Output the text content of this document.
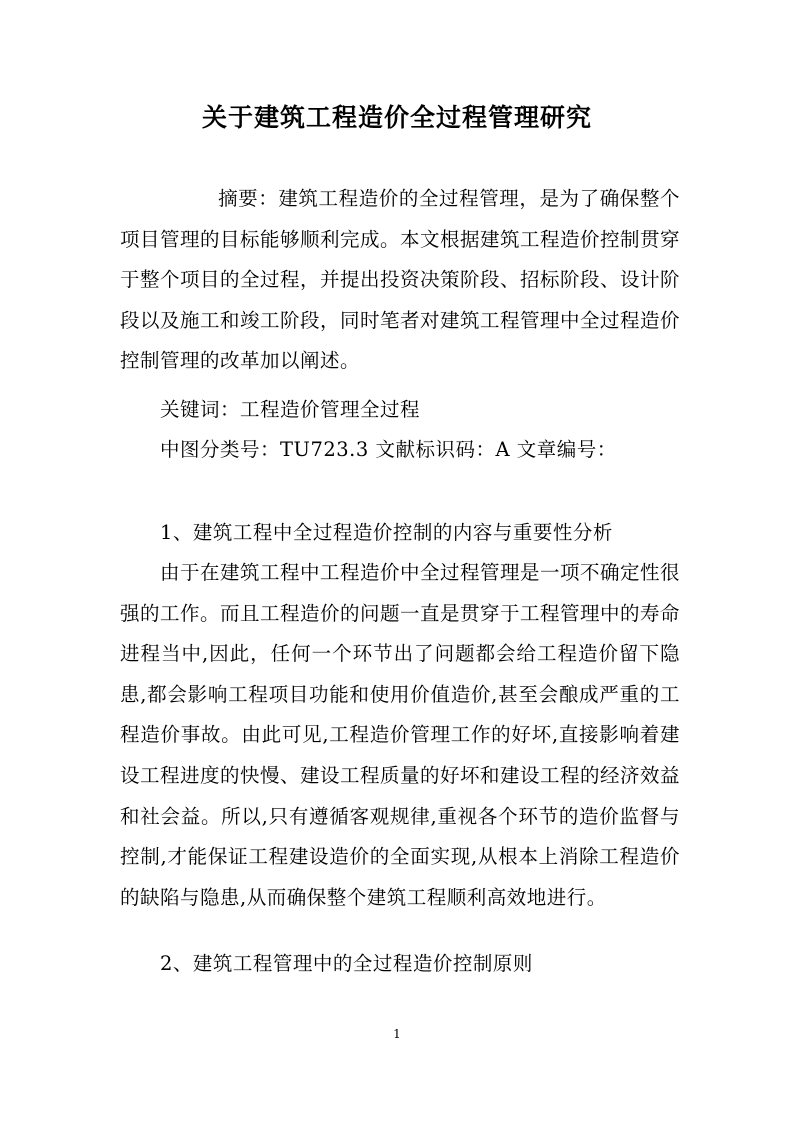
关于建筑工程造价全过程管理研究
摘要：建筑工程造价的全过程管理，是为了确保整个项目管理的目标能够顺利完成。本文根据建筑工程造价控制贯穿于整个项目的全过程，并提出投资决策阶段、招标阶段、设计阶段以及施工和竣工阶段，同时笔者对建筑工程管理中全过程造价控制管理的改革加以阐述。
关键词：工程造价管理全过程
中图分类号：TU723.3 文献标识码：A 文章编号：
1、建筑工程中全过程造价控制的内容与重要性分析
由于在建筑工程中工程造价中全过程管理是一项不确定性很强的工作。而且工程造价的问题一直是贯穿于工程管理中的寿命进程当中,因此，任何一个环节出了问题都会给工程造价留下隐患,都会影响工程项目功能和使用价值造价,甚至会酿成严重的工程造价事故。由此可见,工程造价管理工作的好坏,直接影响着建设工程进度的快慢、建设工程质量的好坏和建设工程的经济效益和社会益。所以,只有遵循客观规律,重视各个环节的造价监督与控制,才能保证工程建设造价的全面实现,从根本上消除工程造价的缺陷与隐患,从而确保整个建筑工程顺利高效地进行。
2、建筑工程管理中的全过程造价控制原则
1
